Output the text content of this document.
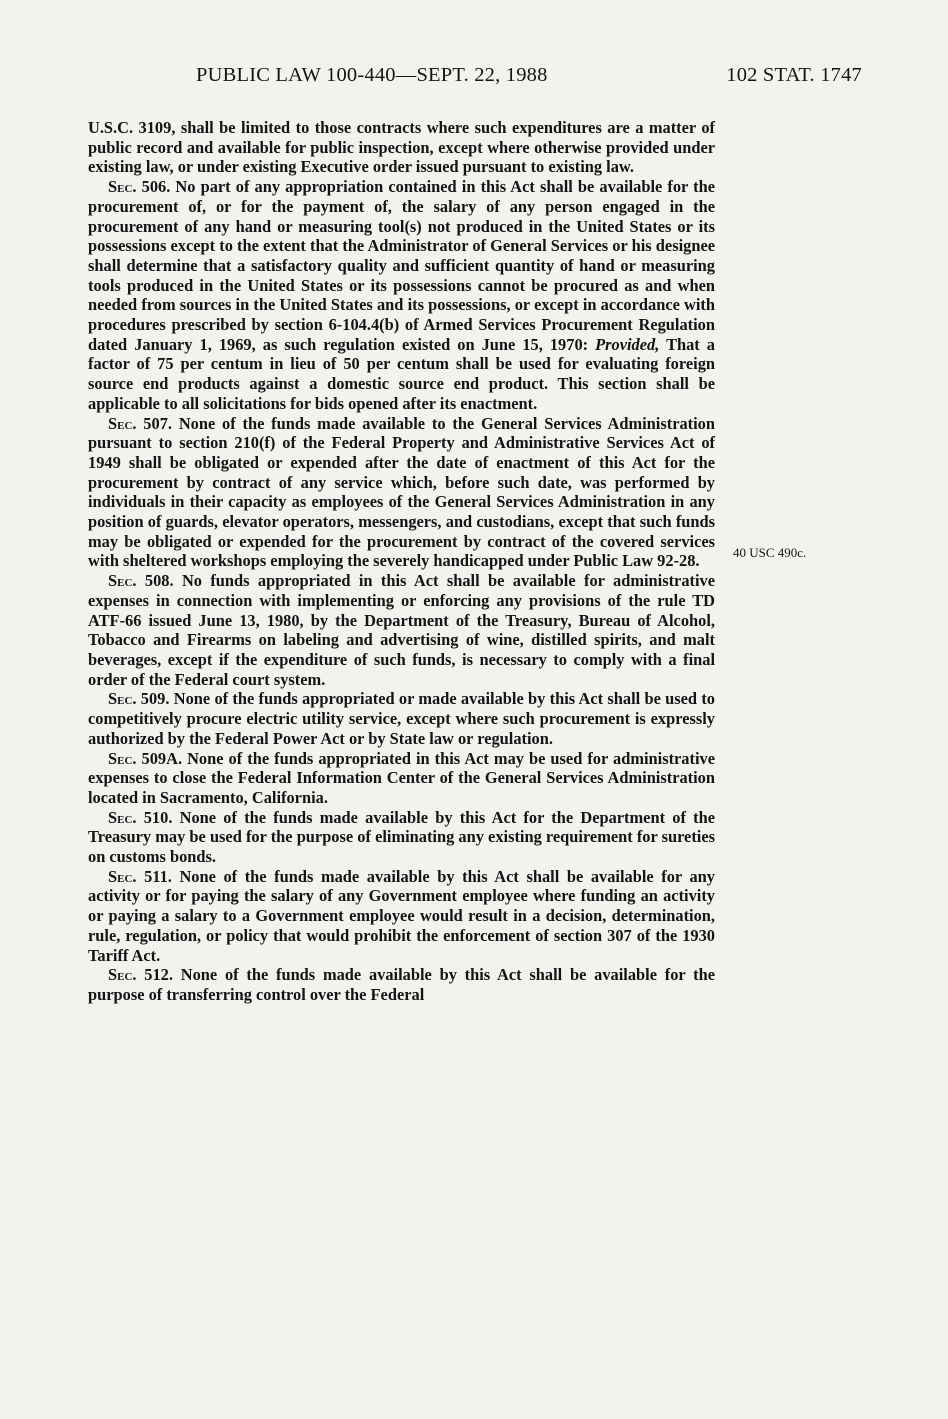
PUBLIC LAW 100-440—SEPT. 22, 1988	102 STAT. 1747
40 USC 490c.

U.S.C. 3109, shall be limited to those contracts where such expenditures are a matter of public record and available for public inspection, except where otherwise provided under existing law, or under existing Executive order issued pursuant to existing law.

Sec. 506. No part of any appropriation contained in this Act shall be available for the procurement of, or for the payment of, the salary of any person engaged in the procurement of any hand or measuring tool(s) not produced in the United States or its possessions except to the extent that the Administrator of General Services or his designee shall determine that a satisfactory quality and sufficient quantity of hand or measuring tools produced in the United States or its possessions cannot be procured as and when needed from sources in the United States and its possessions, or except in accordance with procedures prescribed by section 6-104.4(b) of Armed Services Procurement Regulation dated January 1, 1969, as such regulation existed on June 15, 1970: Provided, That a factor of 75 per centum in lieu of 50 per centum shall be used for evaluating foreign source end products against a domestic source end product. This section shall be applicable to all solicitations for bids opened after its enactment.

Sec. 507. None of the funds made available to the General Services Administration pursuant to section 210(f) of the Federal Property and Administrative Services Act of 1949 shall be obligated or expended after the date of enactment of this Act for the procurement by contract of any service which, before such date, was performed by individuals in their capacity as employees of the General Services Administration in any position of guards, elevator operators, messengers, and custodians, except that such funds may be obligated or expended for the procurement by contract of the covered services with sheltered workshops employing the severely handicapped under Public Law 92-28.

Sec. 508. No funds appropriated in this Act shall be available for administrative expenses in connection with implementing or enforcing any provisions of the rule TD ATF-66 issued June 13, 1980, by the Department of the Treasury, Bureau of Alcohol, Tobacco and Firearms on labeling and advertising of wine, distilled spirits, and malt beverages, except if the expenditure of such funds, is necessary to comply with a final order of the Federal court system.

Sec. 509. None of the funds appropriated or made available by this Act shall be used to competitively procure electric utility service, except where such procurement is expressly authorized by the Federal Power Act or by State law or regulation.

Sec. 509A. None of the funds appropriated in this Act may be used for administrative expenses to close the Federal Information Center of the General Services Administration located in Sacramento, California.

Sec. 510. None of the funds made available by this Act for the Department of the Treasury may be used for the purpose of eliminating any existing requirement for sureties on customs bonds.

Sec. 511. None of the funds made available by this Act shall be available for any activity or for paying the salary of any Government employee where funding an activity or paying a salary to a Government employee would result in a decision, determination, rule, regulation, or policy that would prohibit the enforcement of section 307 of the 1930 Tariff Act.

Sec. 512. None of the funds made available by this Act shall be available for the purpose of transferring control over the Federal
